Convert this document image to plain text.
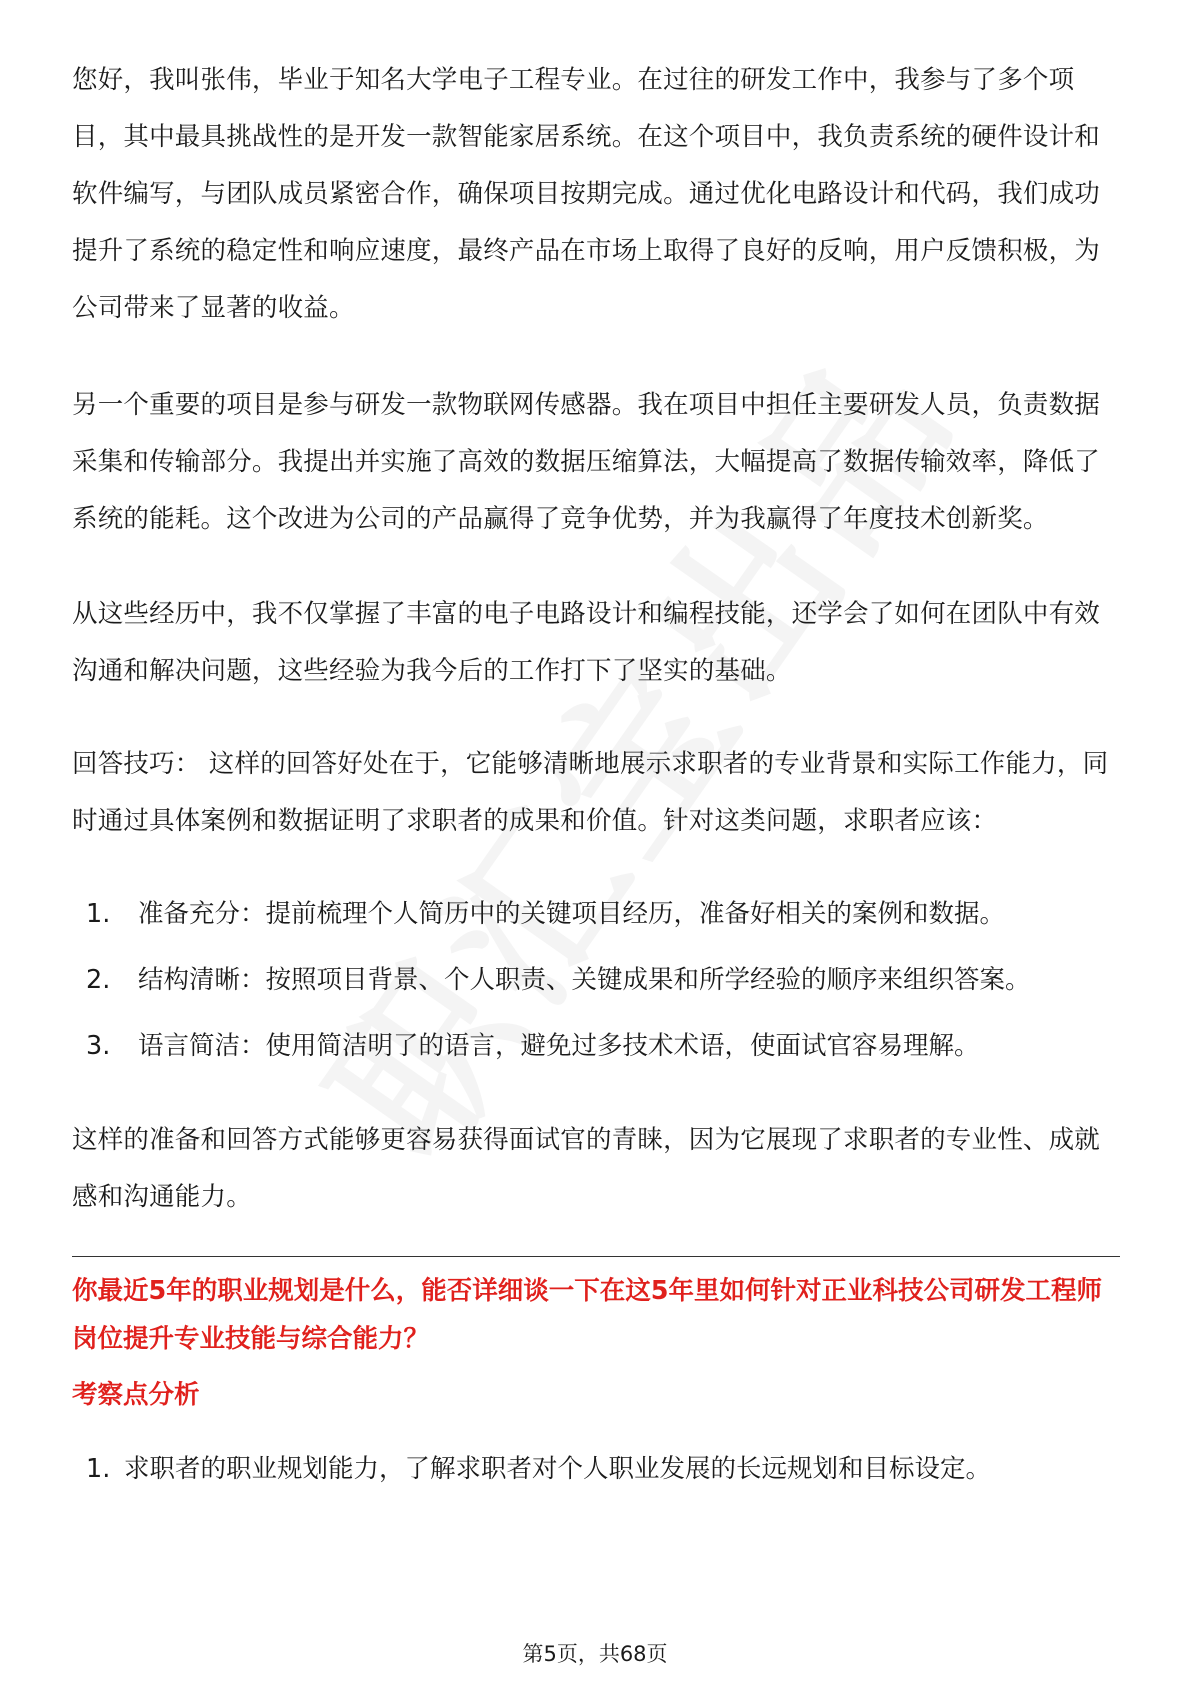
您好，我叫张伟，毕业于知名大学电子工程专业。在过往的研发工作中，我参与了多个项目，其中最具挑战性的是开发一款智能家居系统。在这个项目中，我负责系统的硬件设计和软件编写，与团队成员紧密合作，确保项目按期完成。通过优化电路设计和代码，我们成功提升了系统的稳定性和响应速度，最终产品在市场上取得了良好的反响，用户反馈积极，为公司带来了显著的收益。

另一个重要的项目是参与研发一款物联网传感器。我在项目中担任主要研发人员，负责数据采集和传输部分。我提出并实施了高效的数据压缩算法，大幅提高了数据传输效率，降低了系统的能耗。这个改进为公司的产品赢得了竞争优势，并为我赢得了年度技术创新奖。

从这些经历中，我不仅掌握了丰富的电子电路设计和编程技能，还学会了如何在团队中有效沟通和解决问题，这些经验为我今后的工作打下了坚实的基础。

回答技巧： 这样的回答好处在于，它能够清晰地展示求职者的专业背景和实际工作能力，同时通过具体案例和数据证明了求职者的成果和价值。针对这类问题，求职者应该：

1. 准备充分：提前梳理个人简历中的关键项目经历，准备好相关的案例和数据。
2. 结构清晰：按照项目背景、个人职责、关键成果和所学经验的顺序来组织答案。
3. 语言简洁：使用简洁明了的语言，避免过多技术术语，使面试官容易理解。

这样的准备和回答方式能够更容易获得面试官的青睐，因为它展现了求职者的专业性、成就感和沟通能力。

你最近5年的职业规划是什么，能否详细谈一下在这5年里如何针对正业科技公司研发工程师岗位提升专业技能与综合能力？

考察点分析

1. 求职者的职业规划能力，了解求职者对个人职业发展的长远规划和目标设定。
第5页，共68页
